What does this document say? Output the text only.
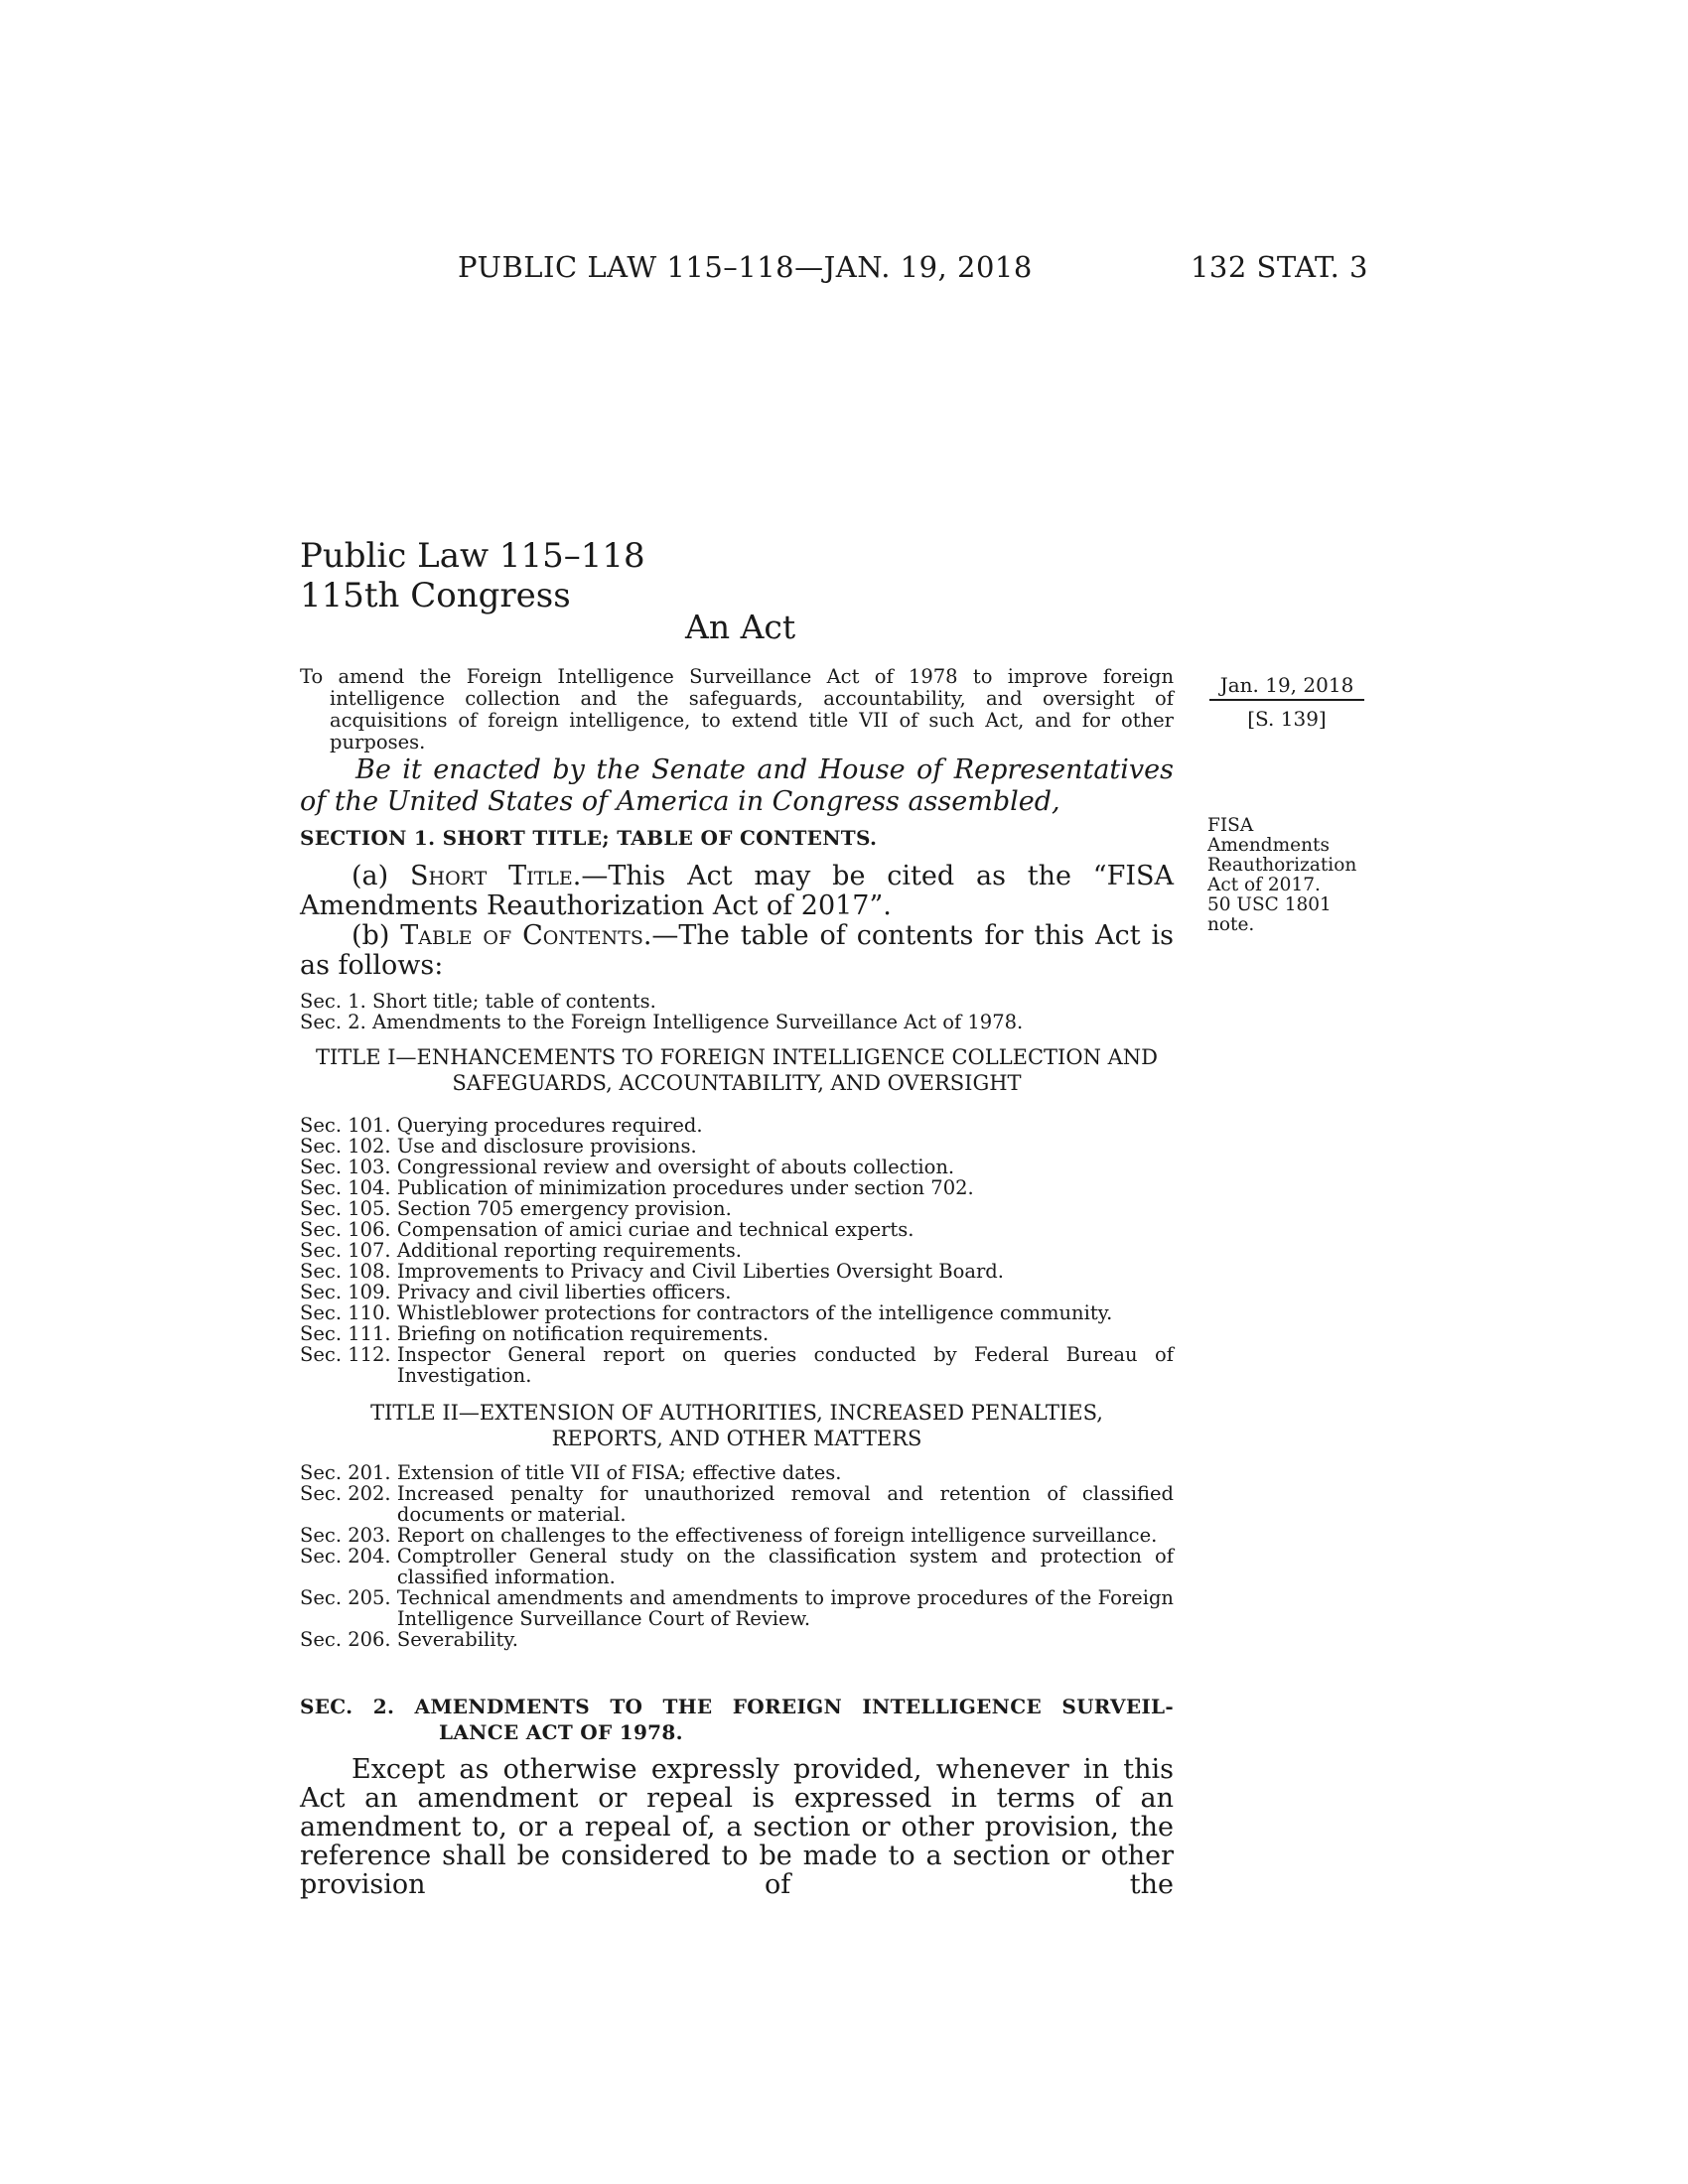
PUBLIC LAW 115–118—JAN. 19, 2018	132 STAT. 3
Public Law 115–118
115th Congress
An Act
To amend the Foreign Intelligence Surveillance Act of 1978 to improve foreign intelligence collection and the safeguards, accountability, and oversight of acquisitions of foreign intelligence, to extend title VII of such Act, and for other purposes.
Jan. 19, 2018
[S. 139]
FISA
Amendments
Reauthorization
Act of 2017.
50 USC 1801
note.
Be it enacted by the Senate and House of Representatives of the United States of America in Congress assembled,
SECTION 1. SHORT TITLE; TABLE OF CONTENTS.
(a) Short Title.—This Act may be cited as the “FISA Amendments Reauthorization Act of 2017”.
(b) Table of Contents.—The table of contents for this Act is as follows:
Sec. 1. Short title; table of contents.
Sec. 2. Amendments to the Foreign Intelligence Surveillance Act of 1978.
TITLE I—ENHANCEMENTS TO FOREIGN INTELLIGENCE COLLECTION AND
SAFEGUARDS, ACCOUNTABILITY, AND OVERSIGHT
Sec. 101. Querying procedures required.
Sec. 102. Use and disclosure provisions.
Sec. 103. Congressional review and oversight of abouts collection.
Sec. 104. Publication of minimization procedures under section 702.
Sec. 105. Section 705 emergency provision.
Sec. 106. Compensation of amici curiae and technical experts.
Sec. 107. Additional reporting requirements.
Sec. 108. Improvements to Privacy and Civil Liberties Oversight Board.
Sec. 109. Privacy and civil liberties officers.
Sec. 110. Whistleblower protections for contractors of the intelligence community.
Sec. 111. Briefing on notification requirements.
Sec. 112. Inspector General report on queries conducted by Federal Bureau of Investigation.
TITLE II—EXTENSION OF AUTHORITIES, INCREASED PENALTIES,
REPORTS, AND OTHER MATTERS
Sec. 201. Extension of title VII of FISA; effective dates.
Sec. 202. Increased penalty for unauthorized removal and retention of classified documents or material.
Sec. 203. Report on challenges to the effectiveness of foreign intelligence surveillance.
Sec. 204. Comptroller General study on the classification system and protection of classified information.
Sec. 205. Technical amendments and amendments to improve procedures of the Foreign Intelligence Surveillance Court of Review.
Sec. 206. Severability.
SEC. 2. AMENDMENTS TO THE FOREIGN INTELLIGENCE SURVEIL-
LANCE ACT OF 1978.
Except as otherwise expressly provided, whenever in this Act an amendment or repeal is expressed in terms of an amendment to, or a repeal of, a section or other provision, the reference shall be considered to be made to a section or other provision of the
